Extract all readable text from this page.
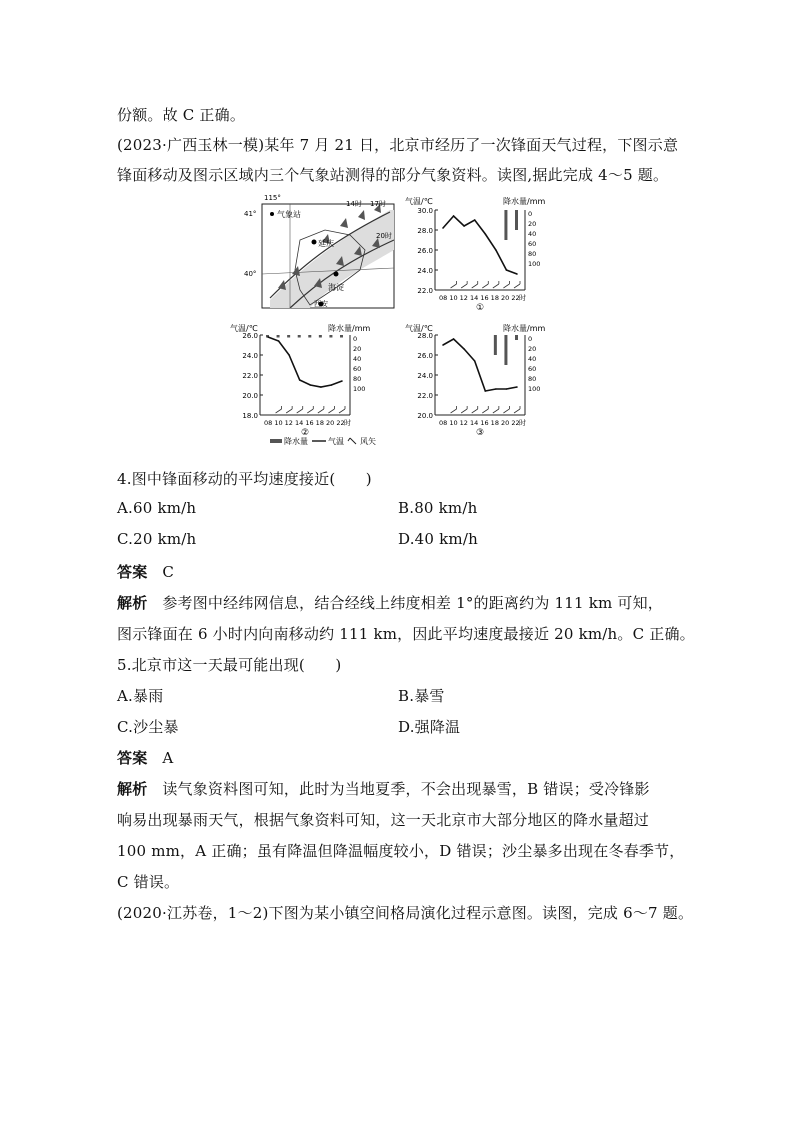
份额。故 C 正确。
(2023·广西玉林一模)某年 7 月 21 日，北京市经历了一次锋面天气过程，下图示意
锋面移动及图示区域内三个气象站测得的部分气象资料。读图,据此完成 4～5 题。
115°
41°
40°
气象站
14时 17时
20时
延庆
海淀
西安
气温/℃	降水量/mm
30.0
28.0
26.0
24.0
22.0
0
20
40
60
80
100
08 10 12 14 16 18 20 22 时
①
气温/℃	降水量/mm
26.0
24.0
22.0
20.0
18.0
0
20
40
60
80
100
08 10 12 14 16 18 20 22 时
②
气温/℃	降水量/mm
28.0
26.0
24.0
22.0
20.0
0
20
40
60
80
100
08 10 12 14 16 18 20 22 时
③
降水量	气温 风矢
4.图中锋面移动的平均速度接近(　　)
A.60 km/h	B.80 km/h
C.20 km/h	D.40 km/h
答案 C
解析 参考图中经纬网信息，结合经线上纬度相差 1°的距离约为 111 km 可知，
图示锋面在 6 小时内向南移动约 111 km，因此平均速度最接近 20 km/h。C 正确。
5.北京市这一天最可能出现(　　)
A.暴雨	B.暴雪
C.沙尘暴	D.强降温
答案 A
解析 读气象资料图可知，此时为当地夏季，不会出现暴雪，B 错误；受冷锋影
响易出现暴雨天气，根据气象资料可知，这一天北京市大部分地区的降水量超过
100 mm，A 正确；虽有降温但降温幅度较小，D 错误；沙尘暴多出现在冬春季节，
C 错误。
(2020·江苏卷，1～2)下图为某小镇空间格局演化过程示意图。读图，完成 6～7 题。
